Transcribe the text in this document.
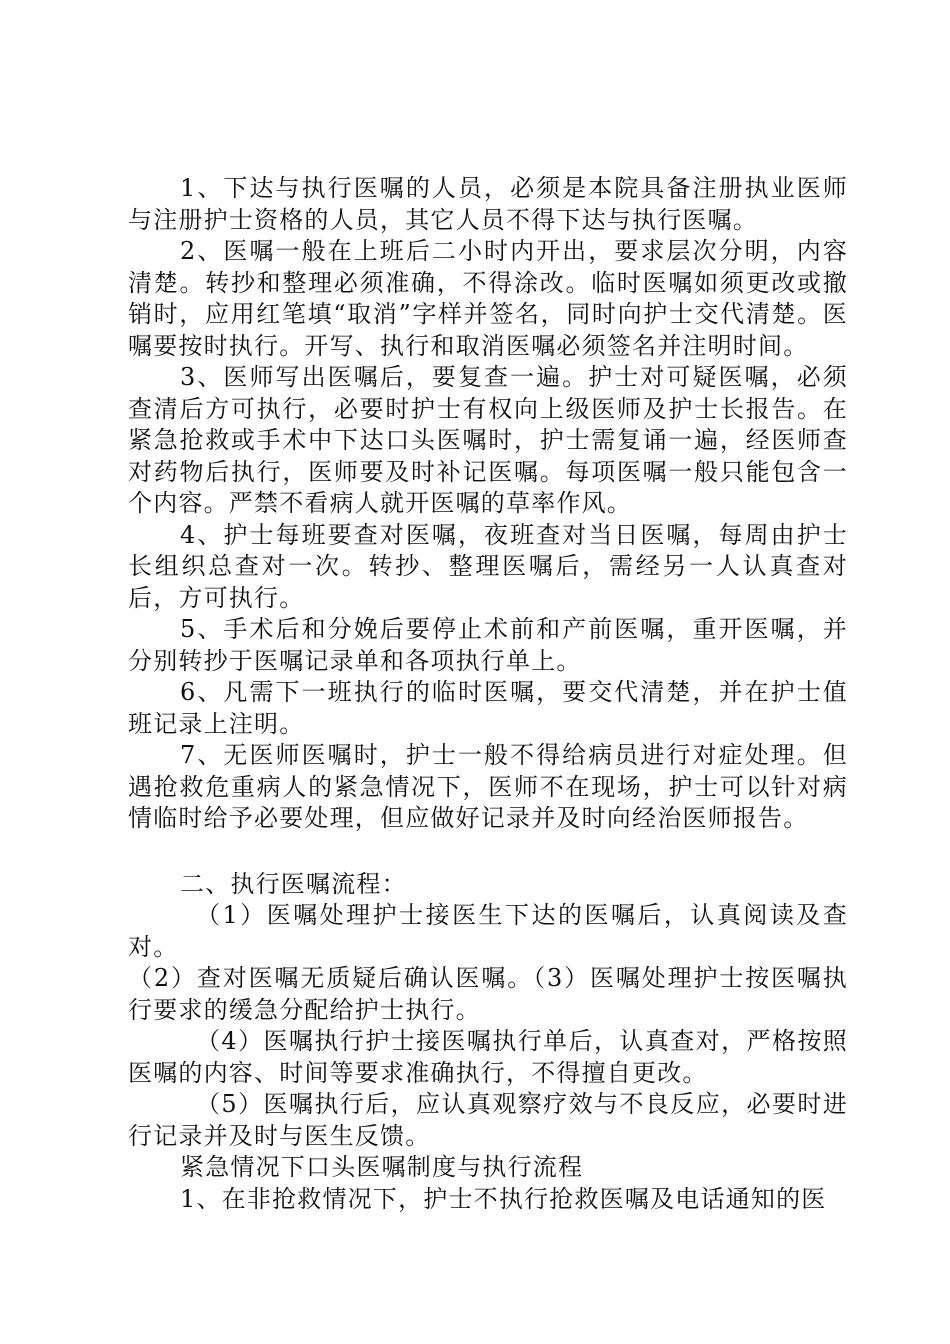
1、下达与执行医嘱的人员，必须是本院具备注册执业医师与注册护士资格的人员，其它人员不得下达与执行医嘱。

2、医嘱一般在上班后二小时内开出，要求层次分明，内容清楚。转抄和整理必须准确，不得涂改。临时医嘱如须更改或撤销时，应用红笔填“取消”字样并签名，同时向护士交代清楚。医嘱要按时执行。开写、执行和取消医嘱必须签名并注明时间。

3、医师写出医嘱后，要复查一遍。护士对可疑医嘱，必须查清后方可执行，必要时护士有权向上级医师及护士长报告。在紧急抢救或手术中下达口头医嘱时，护士需复诵一遍，经医师查对药物后执行，医师要及时补记医嘱。每项医嘱一般只能包含一个内容。严禁不看病人就开医嘱的草率作风。

4、护士每班要查对医嘱，夜班查对当日医嘱，每周由护士长组织总查对一次。转抄、整理医嘱后，需经另一人认真查对后，方可执行。

5、手术后和分娩后要停止术前和产前医嘱，重开医嘱，并分别转抄于医嘱记录单和各项执行单上。

6、凡需下一班执行的临时医嘱，要交代清楚，并在护士值班记录上注明。

7、无医师医嘱时，护士一般不得给病员进行对症处理。但遇抢救危重病人的紧急情况下，医师不在现场，护士可以针对病情临时给予必要处理，但应做好记录并及时向经治医师报告。

二、执行医嘱流程：

（1）医嘱处理护士接医生下达的医嘱后，认真阅读及查对。

（2）查对医嘱无质疑后确认医嘱。（3）医嘱处理护士按医嘱执行要求的缓急分配给护士执行。

（4）医嘱执行护士接医嘱执行单后，认真查对，严格按照医嘱的内容、时间等要求准确执行，不得擅自更改。

（5）医嘱执行后，应认真观察疗效与不良反应，必要时进行记录并及时与医生反馈。

紧急情况下口头医嘱制度与执行流程

1、在非抢救情况下，护士不执行抢救医嘱及电话通知的医
